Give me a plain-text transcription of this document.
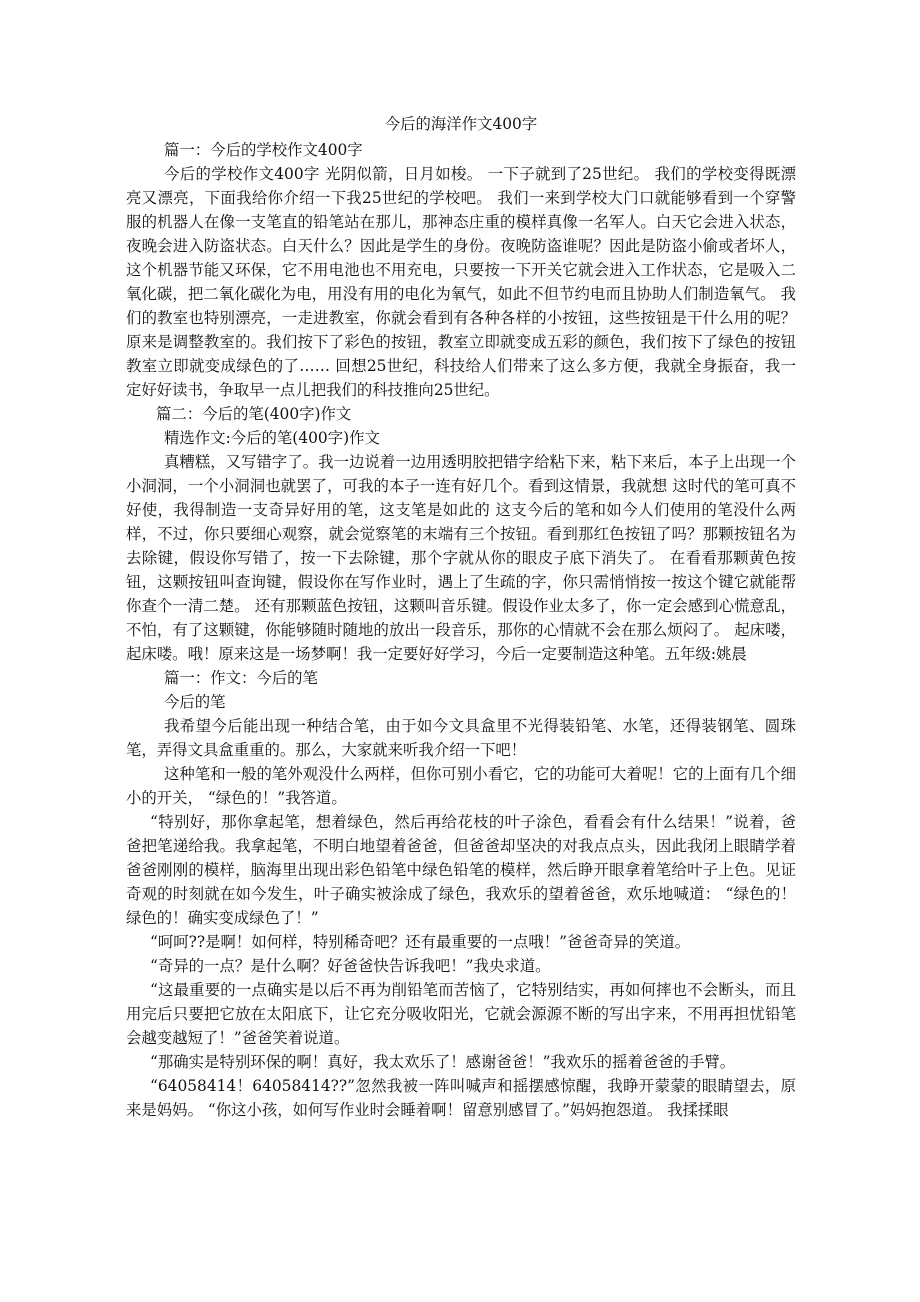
今后的海洋作文400字

篇一：今后的学校作文400字

今后的学校作文400字 光阴似箭，日月如梭。 一下子就到了25世纪。 我们的学校变得既漂亮又漂亮，下面我给你介绍一下我25世纪的学校吧。 我们一来到学校大门口就能够看到一个穿警服的机器人在像一支笔直的铅笔站在那儿，那神态庄重的模样真像一名军人。白天它会进入状态，夜晚会进入防盗状态。白天什么？因此是学生的身份。夜晚防盗谁呢？因此是防盗小偷或者坏人，这个机器节能又环保，它不用电池也不用充电，只要按一下开关它就会进入工作状态，它是吸入二氧化碳，把二氧化碳化为电，用没有用的电化为氧气，如此不但节约电而且协助人们制造氧气。 我们的教室也特别漂亮，一走进教室，你就会看到有各种各样的小按钮，这些按钮是干什么用的呢？原来是调整教室的。我们按下了彩色的按钮，教室立即就变成五彩的颜色，我们按下了绿色的按钮教室立即就变成绿色的了…… 回想25世纪，科技给人们带来了这么多方便，我就全身振奋，我一定好好读书，争取早一点儿把我们的科技推向25世纪。

篇二：今后的笔(400字)作文

精选作文:今后的笔(400字)作文

真糟糕，又写错字了。我一边说着一边用透明胶把错字给粘下来，粘下来后，本子上出现一个小洞洞，一个小洞洞也就罢了，可我的本子一连有好几个。看到这情景，我就想 这时代的笔可真不好使，我得制造一支奇异好用的笔，这支笔是如此的 这支今后的笔和如今人们使用的笔没什么两样，不过，你只要细心观察，就会觉察笔的末端有三个按钮。看到那红色按钮了吗？那颗按钮名为去除键，假设你写错了，按一下去除键，那个字就从你的眼皮子底下消失了。 在看看那颗黄色按钮，这颗按钮叫查询键，假设你在写作业时，遇上了生疏的字，你只需悄悄按一按这个键它就能帮你查个一清二楚。 还有那颗蓝色按钮，这颗叫音乐键。假设作业太多了，你一定会感到心慌意乱，不怕，有了这颗键，你能够随时随地的放出一段音乐，那你的心情就不会在那么烦闷了。 起床喽，起床喽。哦！原来这是一场梦啊！我一定要好好学习，今后一定要制造这种笔。五年级:姚晨

篇一：作文：今后的笔

今后的笔

我希望今后能出现一种结合笔，由于如今文具盒里不光得装铅笔、水笔，还得装钢笔、圆珠笔，弄得文具盒重重的。那么，大家就来听我介绍一下吧！

这种笔和一般的笔外观没什么两样，但你可别小看它，它的功能可大着呢！它的上面有几个细小的开关， “绿色的！”我答道。

“特别好，那你拿起笔，想着绿色，然后再给花枝的叶子涂色，看看会有什么结果！”说着，爸爸把笔递给我。我拿起笔，不明白地望着爸爸，但爸爸却坚决的对我点点头，因此我闭上眼睛学着爸爸刚刚的模样，脑海里出现出彩色铅笔中绿色铅笔的模样，然后睁开眼拿着笔给叶子上色。见证奇观的时刻就在如今发生，叶子确实被涂成了绿色，我欢乐的望着爸爸，欢乐地喊道： “绿色的！绿色的！确实变成绿色了！”

“呵呵??是啊！如何样，特别稀奇吧？还有最重要的一点哦！”爸爸奇异的笑道。

“奇异的一点？是什么啊？好爸爸快告诉我吧！”我央求道。

“这最重要的一点确实是以后不再为削铅笔而苦恼了，它特别结实，再如何摔也不会断头，而且用完后只要把它放在太阳底下，让它充分吸收阳光，它就会源源不断的写出字来，不用再担忧铅笔会越变越短了！”爸爸笑着说道。

“那确实是特别环保的啊！真好，我太欢乐了！感谢爸爸！”我欢乐的摇着爸爸的手臂。

“64058414！64058414??”忽然我被一阵叫喊声和摇摆感惊醒，我睁开蒙蒙的眼睛望去，原来是妈妈。 “你这小孩，如何写作业时会睡着啊！留意别感冒了。”妈妈抱怨道。 我揉揉眼
